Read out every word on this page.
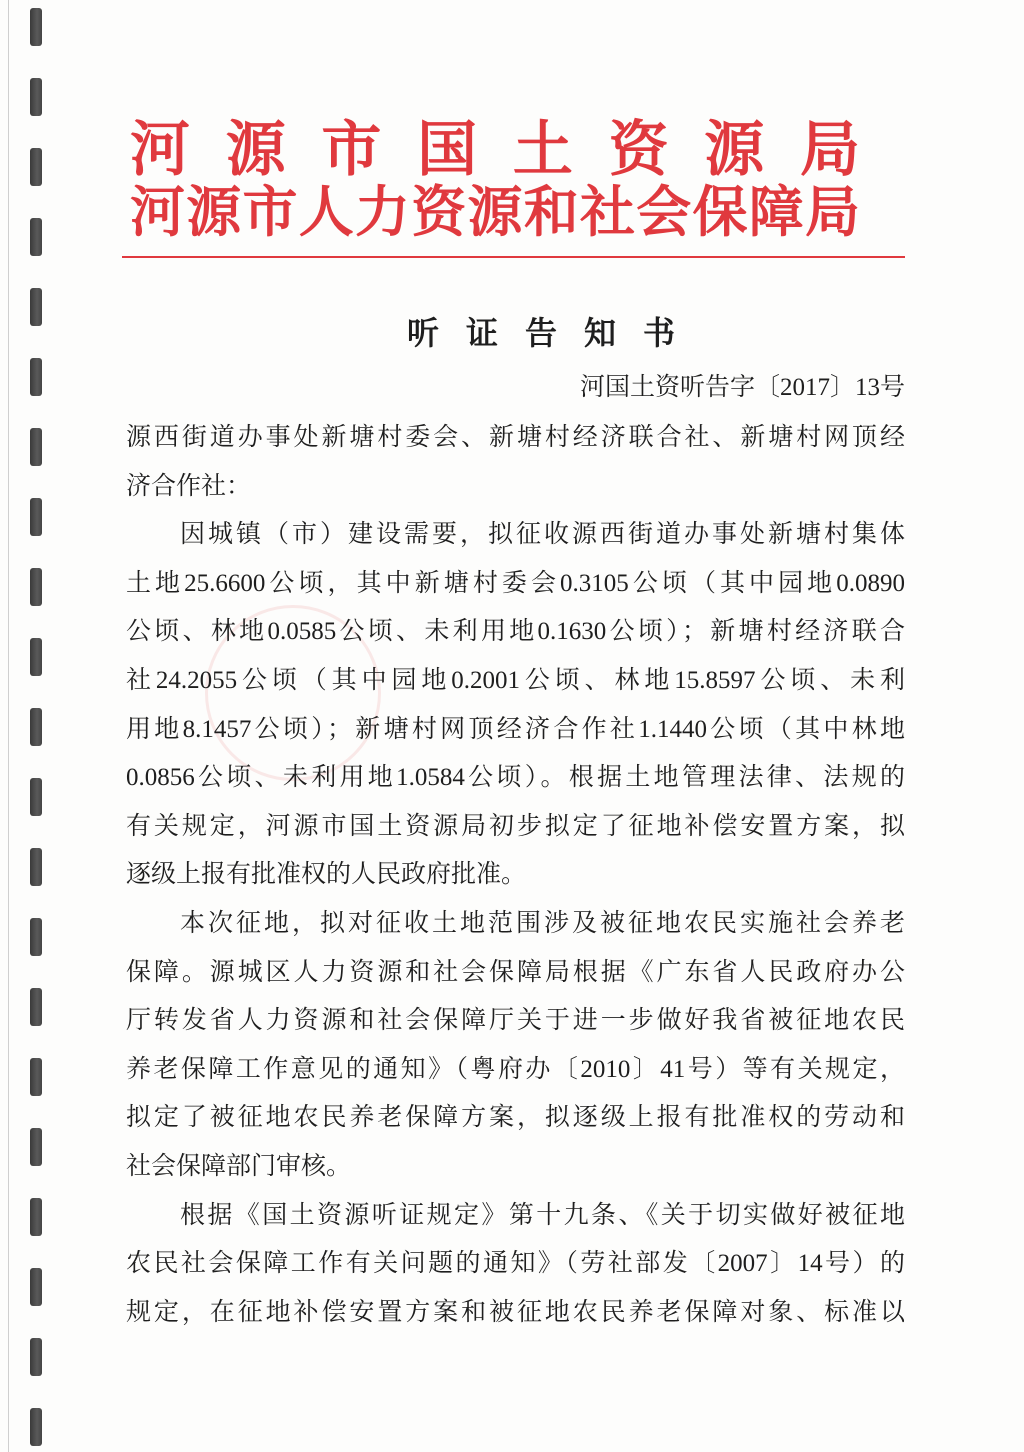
河源市国土资源局
河源市人力资源和社会保障局
听证告知书
河国土资听告字〔2017〕13号
源西街道办事处新塘村委会、新塘村经济联合社、新塘村网顶经
济合作社：
因城镇（市）建设需要，拟征收源西街道办事处新塘村集体
土地25.6600公顷，其中新塘村委会0.3105公顷（其中园地0.0890
公顷、林地0.0585公顷、未利用地0.1630公顷）；新塘村经济联合
社24.2055公顷（其中园地0.2001公顷、林地15.8597公顷、未利
用地8.1457公顷）；新塘村网顶经济合作社1.1440公顷（其中林地
0.0856公顷、未利用地1.0584公顷）。根据土地管理法律、法规的
有关规定，河源市国土资源局初步拟定了征地补偿安置方案，拟
逐级上报有批准权的人民政府批准。
本次征地，拟对征收土地范围涉及被征地农民实施社会养老
保障。源城区人力资源和社会保障局根据《广东省人民政府办公
厅转发省人力资源和社会保障厅关于进一步做好我省被征地农民
养老保障工作意见的通知》（粤府办〔2010〕41号）等有关规定，
拟定了被征地农民养老保障方案，拟逐级上报有批准权的劳动和
社会保障部门审核。
根据《国土资源听证规定》第十九条、《关于切实做好被征地
农民社会保障工作有关问题的通知》（劳社部发〔2007〕14号）的
规定，在征地补偿安置方案和被征地农民养老保障对象、标准以
